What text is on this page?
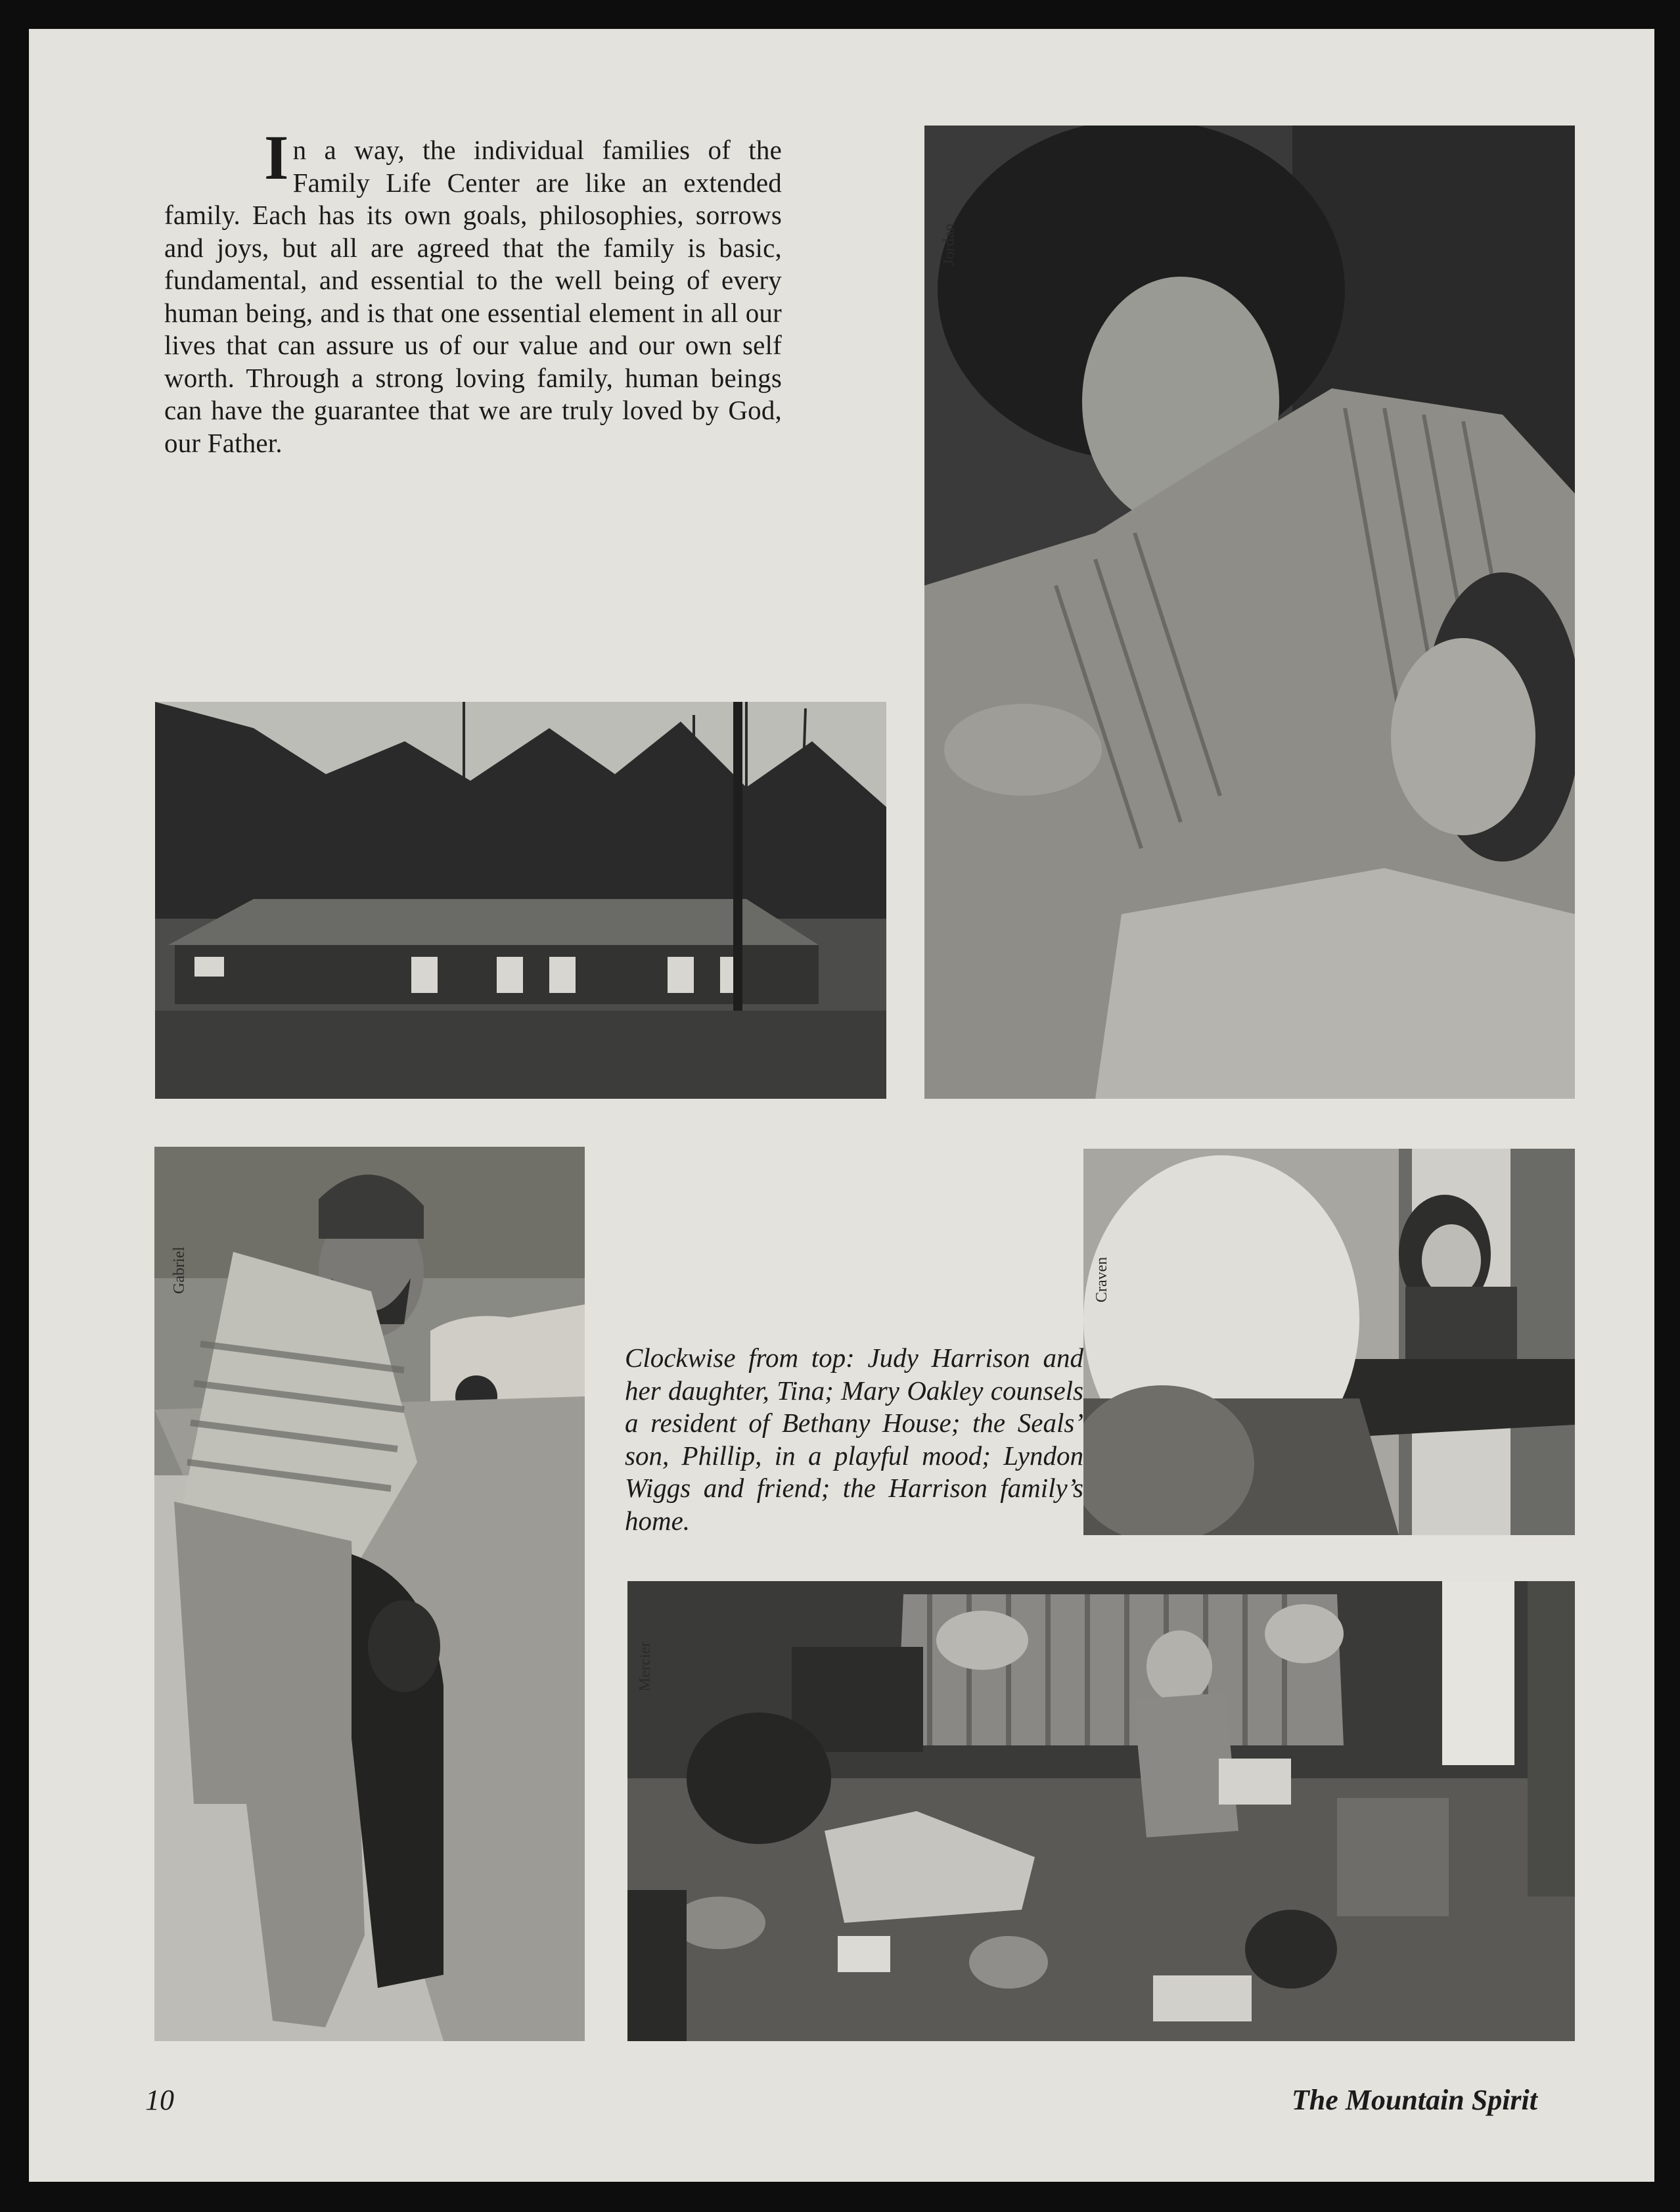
In a way, the individual families of the Family Life Center are like an extended family. Each has its own goals, philosophies, sorrows and joys, but all are agreed that the family is basic, fundamental, and essential to the well being of every human being, and is that one essential element in all our lives that can assure us of our value and our own self worth. Through a strong loving family, human beings can have the guarantee that we are truly loved by God, our Father.

Jordan
Jordan
Gabriel	Craven

Clockwise from top: Judy Harrison and her daughter, Tina; Mary Oakley counsels a resident of Bethany House; the Seals’ son, Phillip, in a playful mood; Lyndon Wiggs and friend; the Harrison family’s home.

Mercier
10	The Mountain Spirit
